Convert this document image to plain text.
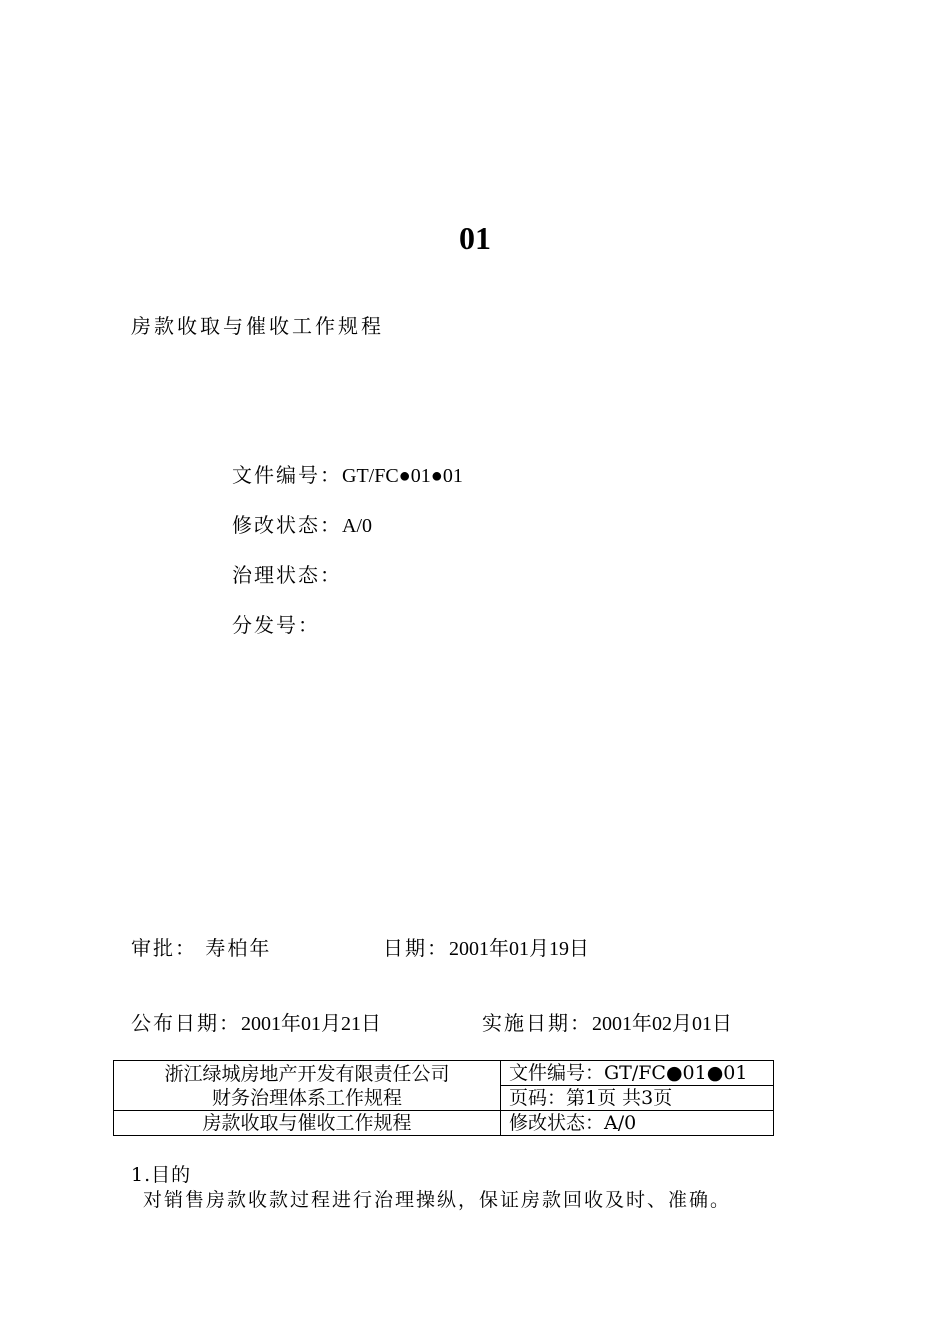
01
房款收取与催收工作规程
文件编号：GT/FC●01●01
修改状态：A/0
治理状态：
分发号：
审批： 寿柏年	日期：2001年01月19日
公布日期：2001年01月21日	实施日期：2001年02月01日
浙江绿城房地产开发有限责任公司
财务治理体系工作规程	文件编号：GT/FC●01●01
	页码：第1页 共3页
房款收取与催收工作规程	修改状态：A/0
1.目的
对销售房款收款过程进行治理操纵，保证房款回收及时、准确。
